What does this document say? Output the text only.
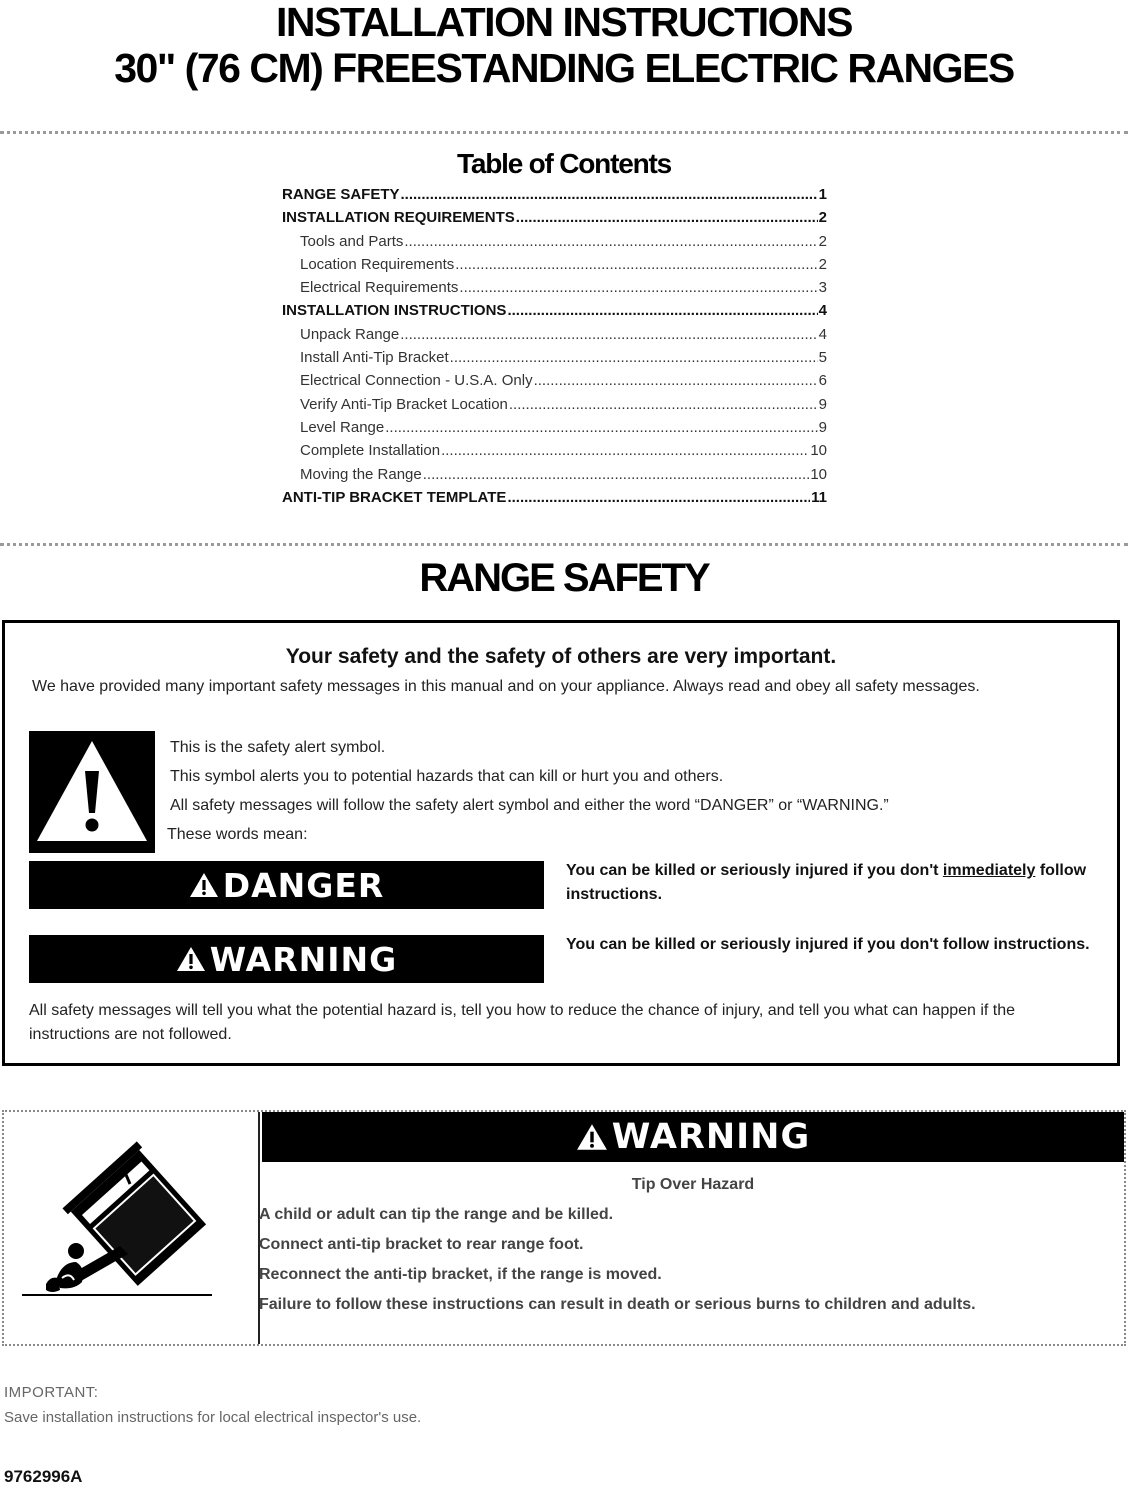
INSTALLATION INSTRUCTIONS
30" (76 CM) FREESTANDING ELECTRIC RANGES
Table of Contents
RANGE SAFETY .....	1
INSTALLATION REQUIREMENTS .....	2
Tools and Parts .....	2
Location Requirements .....	2
Electrical Requirements .....	3
INSTALLATION INSTRUCTIONS .....	4
Unpack Range .....	4
Install Anti-Tip Bracket .....	5
Electrical Connection - U.S.A. Only .....	6
Verify Anti-Tip Bracket Location .....	9
Level Range .....	9
Complete Installation .....	10
Moving the Range .....	10
ANTI-TIP BRACKET TEMPLATE .....	11
RANGE SAFETY
Your safety and the safety of others are very important.
We have provided many important safety messages in this manual and on your appliance. Always read and obey all safety messages.
This is the safety alert symbol.
This symbol alerts you to potential hazards that can kill or hurt you and others.
All safety messages will follow the safety alert symbol and either the word “DANGER” or “WARNING.”
These words mean:
DANGER	You can be killed or seriously injured if you don't immediately follow instructions.
WARNING	You can be killed or seriously injured if you don't follow instructions.
All safety messages will tell you what the potential hazard is, tell you how to reduce the chance of injury, and tell you what can happen if the instructions are not followed.
WARNING
Tip Over Hazard
A child or adult can tip the range and be killed.
Connect anti-tip bracket to rear range foot.
Reconnect the anti-tip bracket, if the range is moved.
Failure to follow these instructions can result in death or serious burns to children and adults.
IMPORTANT:
Save installation instructions for local electrical inspector's use.
9762996A
